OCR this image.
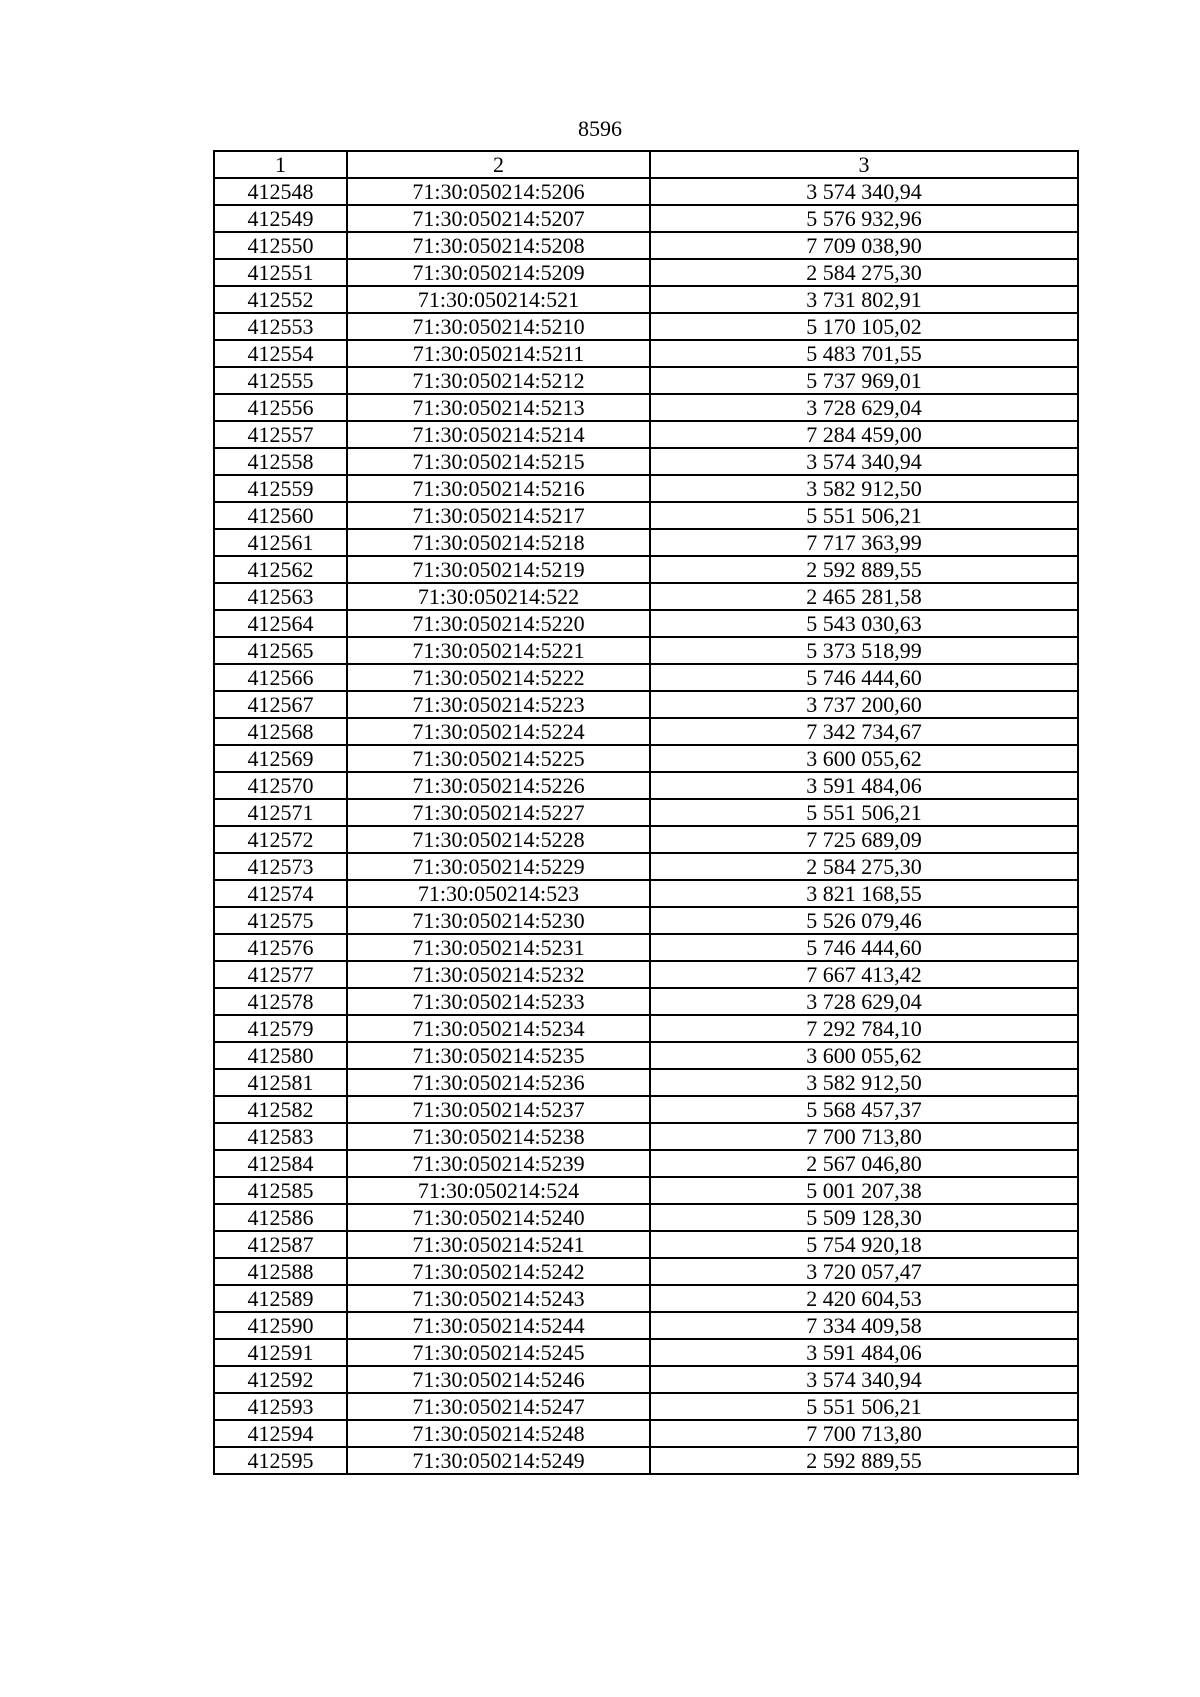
8596
1	2	3
412548	71:30:050214:5206	3 574 340,94
412549	71:30:050214:5207	5 576 932,96
412550	71:30:050214:5208	7 709 038,90
412551	71:30:050214:5209	2 584 275,30
412552	71:30:050214:521	3 731 802,91
412553	71:30:050214:5210	5 170 105,02
412554	71:30:050214:5211	5 483 701,55
412555	71:30:050214:5212	5 737 969,01
412556	71:30:050214:5213	3 728 629,04
412557	71:30:050214:5214	7 284 459,00
412558	71:30:050214:5215	3 574 340,94
412559	71:30:050214:5216	3 582 912,50
412560	71:30:050214:5217	5 551 506,21
412561	71:30:050214:5218	7 717 363,99
412562	71:30:050214:5219	2 592 889,55
412563	71:30:050214:522	2 465 281,58
412564	71:30:050214:5220	5 543 030,63
412565	71:30:050214:5221	5 373 518,99
412566	71:30:050214:5222	5 746 444,60
412567	71:30:050214:5223	3 737 200,60
412568	71:30:050214:5224	7 342 734,67
412569	71:30:050214:5225	3 600 055,62
412570	71:30:050214:5226	3 591 484,06
412571	71:30:050214:5227	5 551 506,21
412572	71:30:050214:5228	7 725 689,09
412573	71:30:050214:5229	2 584 275,30
412574	71:30:050214:523	3 821 168,55
412575	71:30:050214:5230	5 526 079,46
412576	71:30:050214:5231	5 746 444,60
412577	71:30:050214:5232	7 667 413,42
412578	71:30:050214:5233	3 728 629,04
412579	71:30:050214:5234	7 292 784,10
412580	71:30:050214:5235	3 600 055,62
412581	71:30:050214:5236	3 582 912,50
412582	71:30:050214:5237	5 568 457,37
412583	71:30:050214:5238	7 700 713,80
412584	71:30:050214:5239	2 567 046,80
412585	71:30:050214:524	5 001 207,38
412586	71:30:050214:5240	5 509 128,30
412587	71:30:050214:5241	5 754 920,18
412588	71:30:050214:5242	3 720 057,47
412589	71:30:050214:5243	2 420 604,53
412590	71:30:050214:5244	7 334 409,58
412591	71:30:050214:5245	3 591 484,06
412592	71:30:050214:5246	3 574 340,94
412593	71:30:050214:5247	5 551 506,21
412594	71:30:050214:5248	7 700 713,80
412595	71:30:050214:5249	2 592 889,55
